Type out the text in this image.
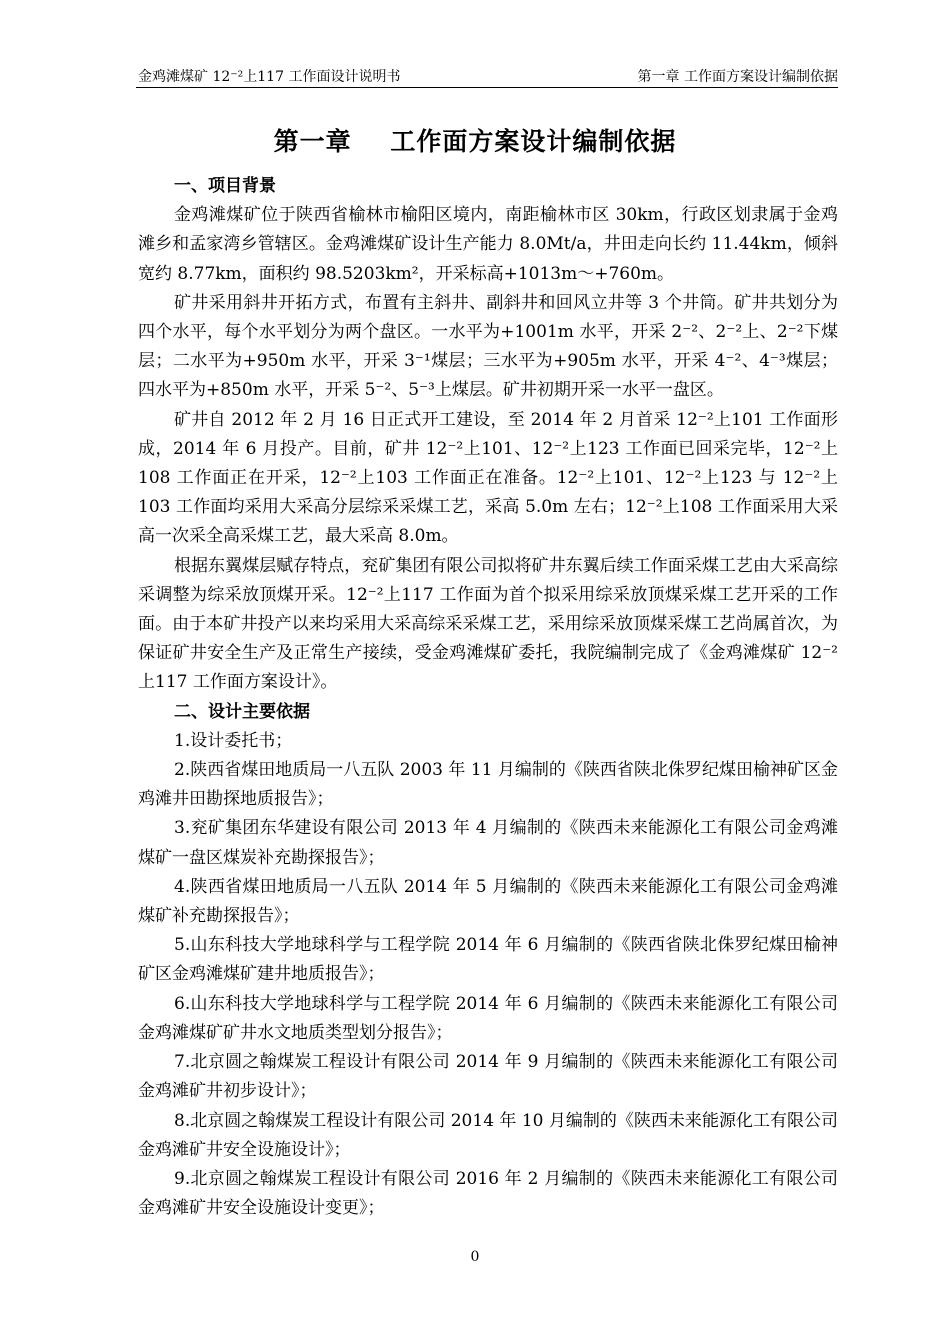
金鸡滩煤矿 12⁻²上117 工作面设计说明书	第一章 工作面方案设计编制依据
第一章    工作面方案设计编制依据
一、项目背景
金鸡滩煤矿位于陕西省榆林市榆阳区境内，南距榆林市区 30km，行政区划隶属于金鸡滩乡和孟家湾乡管辖区。金鸡滩煤矿设计生产能力 8.0Mt/a，井田走向长约 11.44km，倾斜宽约 8.77km，面积约 98.5203km²，开采标高+1013m～+760m。
矿井采用斜井开拓方式，布置有主斜井、副斜井和回风立井等 3 个井筒。矿井共划分为四个水平，每个水平划分为两个盘区。一水平为+1001m 水平，开采 2⁻²、2⁻²上、2⁻²下煤层；二水平为+950m 水平，开采 3⁻¹煤层；三水平为+905m 水平，开采 4⁻²、4⁻³煤层；四水平为+850m 水平，开采 5⁻²、5⁻³上煤层。矿井初期开采一水平一盘区。
矿井自 2012 年 2 月 16 日正式开工建设，至 2014 年 2 月首采 12⁻²上101 工作面形成，2014 年 6 月投产。目前，矿井 12⁻²上101、12⁻²上123 工作面已回采完毕，12⁻²上108 工作面正在开采，12⁻²上103 工作面正在准备。12⁻²上101、12⁻²上123 与 12⁻²上103 工作面均采用大采高分层综采采煤工艺，采高 5.0m 左右；12⁻²上108 工作面采用大采高一次采全高采煤工艺，最大采高 8.0m。
根据东翼煤层赋存特点，兖矿集团有限公司拟将矿井东翼后续工作面采煤工艺由大采高综采调整为综采放顶煤开采。12⁻²上117 工作面为首个拟采用综采放顶煤采煤工艺开采的工作面。由于本矿井投产以来均采用大采高综采采煤工艺，采用综采放顶煤采煤工艺尚属首次，为保证矿井安全生产及正常生产接续，受金鸡滩煤矿委托，我院编制完成了《金鸡滩煤矿 12⁻²上117 工作面方案设计》。
二、设计主要依据
1.设计委托书；
2.陕西省煤田地质局一八五队 2003 年 11 月编制的《陕西省陕北侏罗纪煤田榆神矿区金鸡滩井田勘探地质报告》；
3.兖矿集团东华建设有限公司 2013 年 4 月编制的《陕西未来能源化工有限公司金鸡滩煤矿一盘区煤炭补充勘探报告》；
4.陕西省煤田地质局一八五队 2014 年 5 月编制的《陕西未来能源化工有限公司金鸡滩煤矿补充勘探报告》；
5.山东科技大学地球科学与工程学院 2014 年 6 月编制的《陕西省陕北侏罗纪煤田榆神矿区金鸡滩煤矿建井地质报告》；
6.山东科技大学地球科学与工程学院 2014 年 6 月编制的《陕西未来能源化工有限公司金鸡滩煤矿矿井水文地质类型划分报告》；
7.北京圆之翰煤炭工程设计有限公司 2014 年 9 月编制的《陕西未来能源化工有限公司金鸡滩矿井初步设计》；
8.北京圆之翰煤炭工程设计有限公司 2014 年 10 月编制的《陕西未来能源化工有限公司金鸡滩矿井安全设施设计》；
9.北京圆之翰煤炭工程设计有限公司 2016 年 2 月编制的《陕西未来能源化工有限公司金鸡滩矿井安全设施设计变更》；
0
